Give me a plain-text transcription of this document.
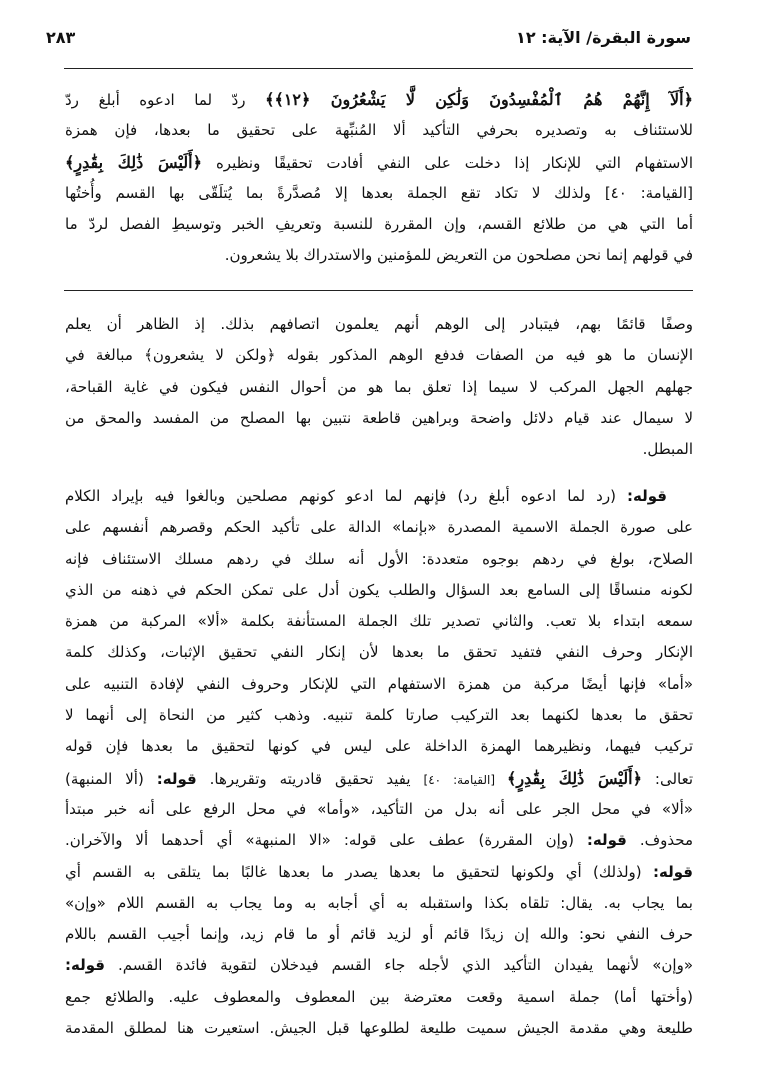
سورة البقرة/ الآية: ١٢
٢٨٣
﴿أَلَآ إِنَّهُمْ هُمُ ٱلْمُفْسِدُونَ وَلَٰكِن لَّا يَشْعُرُونَ ﴿١٢﴾﴾ ردّ لما ادعوه أبلغ ردّ
للاستئناف به وتصديره بحرفي التأكيد ألا المُنبِّهة على تحقيق ما بعدها، فإن همزة
الاستفهام التي للإنكار إذا دخلت على النفي أفادت تحقيقًا ونظيره ﴿أَلَيْسَ ذَٰلِكَ بِقَٰدِرٍ﴾
[القيامة: ٤٠] ولذلك لا تكاد تقع الجملة بعدها إلا مُصدَّرةً بما يُتلَقّى بها القسم وأُختُها
أما التي هي من طلائع القسم، وإن المقررة للنسبة وتعريفِ الخبر وتوسيطِ الفصل لردّ ما
في قولهم إنما نحن مصلحون من التعريض للمؤمنين والاستدراك بلا يشعرون.
وصفًا قائمًا بهم، فيتبادر إلى الوهم أنهم يعلمون اتصافهم بذلك. إذ الظاهر أن يعلم
الإنسان ما هو فيه من الصفات فدفع الوهم المذكور بقوله ﴿ولكن لا يشعرون﴾ مبالغة في
جهلهم الجهل المركب لا سيما إذا تعلق بما هو من أحوال النفس فيكون في غاية القباحة،
لا سيمال عند قيام دلائل واضحة وبراهين قاطعة نتبين بها المصلح من المفسد والمحق من
المبطل.
قوله: (رد لما ادعوه أبلغ رد) فإنهم لما ادعو كونهم مصلحين وبالغوا فيه بإيراد الكلام
على صورة الجملة الاسمية المصدرة «بإنما» الدالة على تأكيد الحكم وقصرهم أنفسهم على
الصلاح، بولغ في ردهم بوجوه متعددة: الأول أنه سلك في ردهم مسلك الاستئناف فإنه
لكونه منساقًا إلى السامع بعد السؤال والطلب يكون أدل على تمكن الحكم في ذهنه من الذي
سمعه ابتداء بلا تعب. والثاني تصدير تلك الجملة المستأنفة بكلمة «ألا» المركبة من همزة
الإنكار وحرف النفي فتفيد تحقق ما بعدها لأن إنكار النفي تحقيق الإثبات، وكذلك كلمة
«أما» فإنها أيضًا مركبة من همزة الاستفهام التي للإنكار وحروف النفي لإفادة التنبيه على
تحقق ما بعدها لكنهما بعد التركيب صارتا كلمة تنبيه. وذهب كثير من النحاة إلى أنهما لا
تركيب فيهما، ونظيرهما الهمزة الداخلة على ليس في كونها لتحقيق ما بعدها فإن قوله
تعالى: ﴿أَلَيْسَ ذَٰلِكَ بِقَٰدِرٍ﴾ [القيامة: ٤٠] يفيد تحقيق قادريته وتقريرها. قوله: (ألا المنبهة)
«ألا» في محل الجر على أنه بدل من التأكيد، «وأما» في محل الرفع على أنه خبر مبتدأ
محذوف. قوله: (وإن المقررة) عطف على قوله: «الا المنبهة» أي أحدهما ألا والآخران.
قوله: (ولذلك) أي ولكونها لتحقيق ما بعدها يصدر ما بعدها غالبًا بما يتلقى به القسم أي
بما يجاب به. يقال: تلقاه بكذا واستقبله به أي أجابه به وما يجاب به القسم اللام «وإن»
حرف النفي نحو: والله إن زيدًا قائم أو لزيد قائم أو ما قام زيد، وإنما أجيب القسم باللام
«وإن» لأنهما يفيدان التأكيد الذي لأجله جاء القسم فيدخلان لتقوية فائدة القسم. قوله:
(وأختها أما) جملة اسمية وقعت معترضة بين المعطوف والمعطوف عليه. والطلائع جمع
طليعة وهي مقدمة الجيش سميت طليعة لطلوعها قبل الجيش. استعيرت هنا لمطلق المقدمة
